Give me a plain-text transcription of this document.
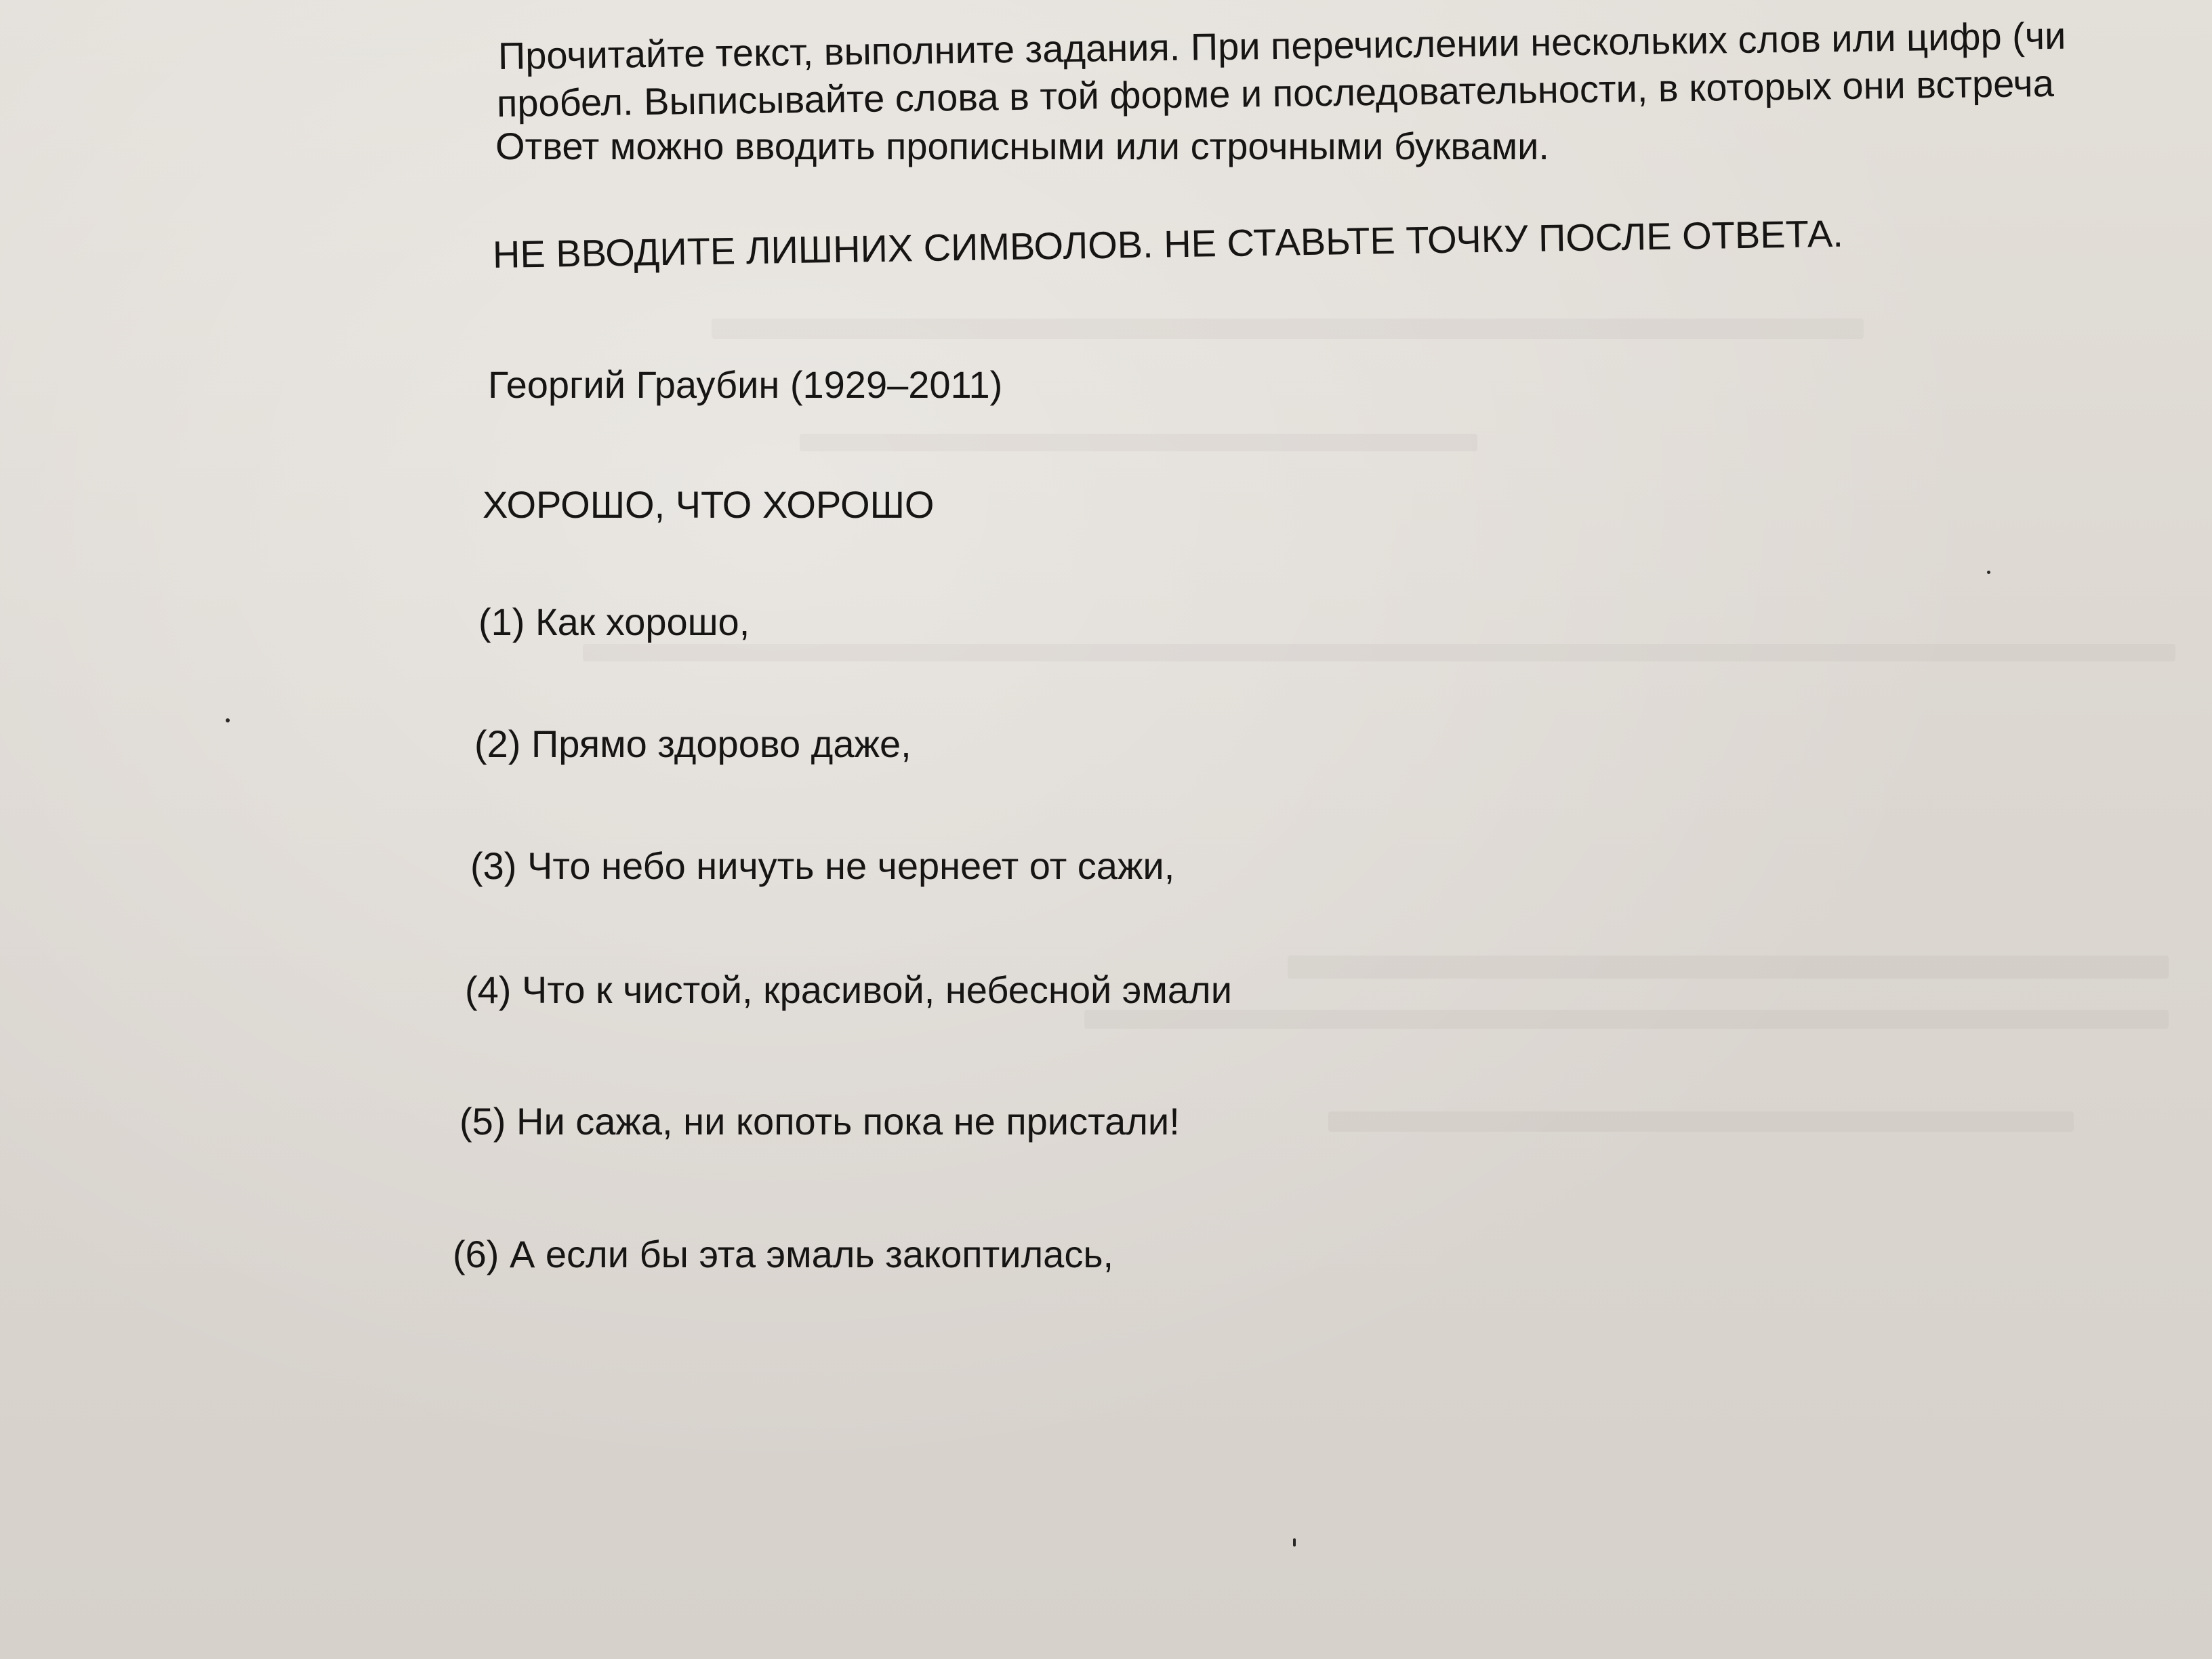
Прочитайте текст, выполните задания. При перечислении нескольких слов или цифр (чи
пробел. Выписывайте слова в той форме и последовательности, в которых они встреча
Ответ можно вводить прописными или строчными буквами.
НЕ ВВОДИТЕ ЛИШНИХ СИМВОЛОВ. НЕ СТАВЬТЕ ТОЧКУ ПОСЛЕ ОТВЕТА.
Георгий Граубин (1929–2011)
ХОРОШО, ЧТО ХОРОШО
(1) Как хорошо,
(2) Прямо здорово даже,
(3) Что небо ничуть не чернеет от сажи,
(4) Что к чистой, красивой, небесной эмали
(5) Ни сажа, ни копоть пока не пристали!
(6) А если бы эта эмаль закоптилась,
